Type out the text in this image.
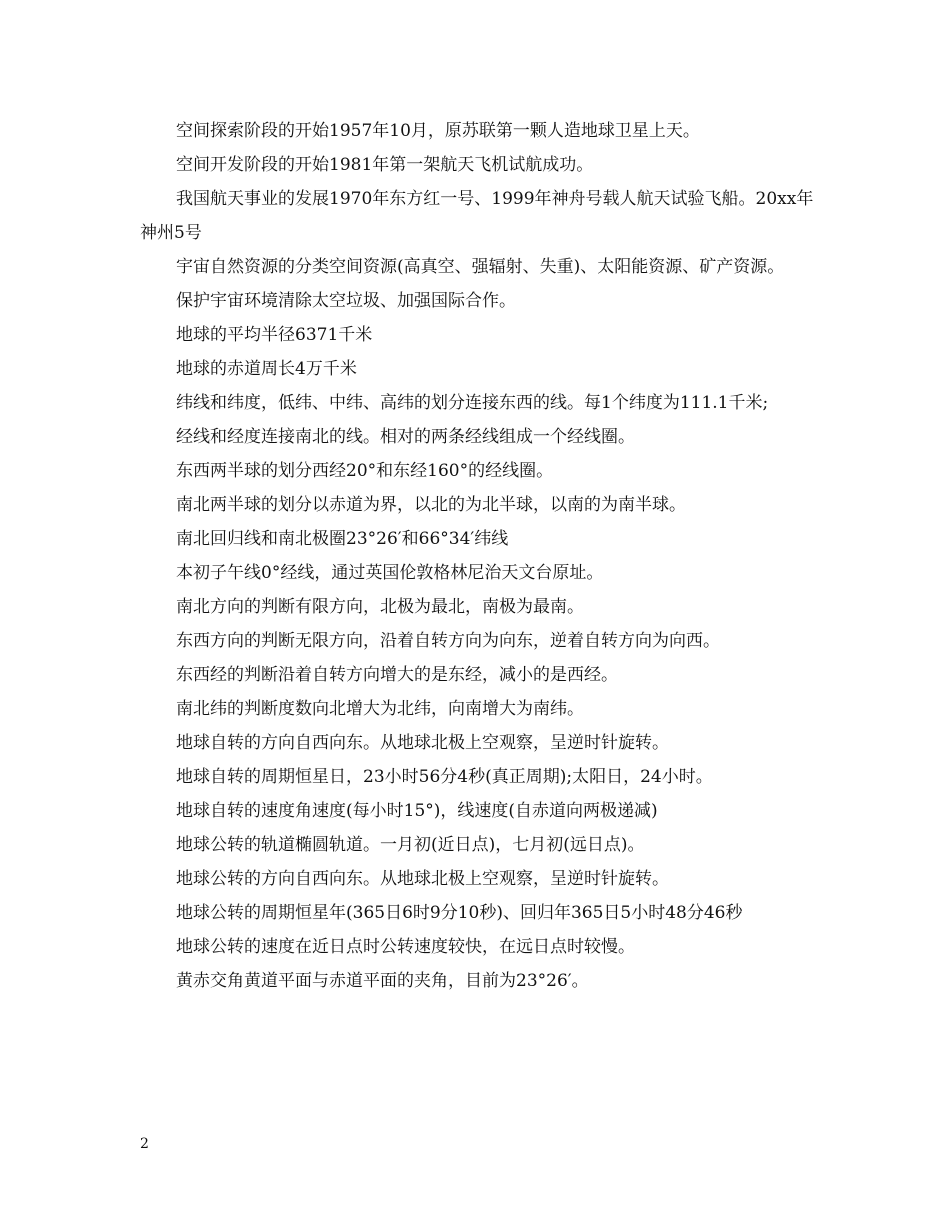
空间探索阶段的开始1957年10月，原苏联第一颗人造地球卫星上天。

空间开发阶段的开始1981年第一架航天飞机试航成功。

我国航天事业的发展1970年东方红一号、1999年神舟号载人航天试验飞船。20xx年神州5号

宇宙自然资源的分类空间资源(高真空、强辐射、失重)、太阳能资源、矿产资源。

保护宇宙环境清除太空垃圾、加强国际合作。

地球的平均半径6371千米

地球的赤道周长4万千米

纬线和纬度，低纬、中纬、高纬的划分连接东西的线。每1个纬度为111.1千米;

经线和经度连接南北的线。相对的两条经线组成一个经线圈。

东西两半球的划分西经20°和东经160°的经线圈。

南北两半球的划分以赤道为界，以北的为北半球，以南的为南半球。

南北回归线和南北极圈23°26′和66°34′纬线

本初子午线0°经线，通过英国伦敦格林尼治天文台原址。

南北方向的判断有限方向，北极为最北，南极为最南。

东西方向的判断无限方向，沿着自转方向为向东，逆着自转方向为向西。

东西经的判断沿着自转方向增大的是东经，减小的是西经。

南北纬的判断度数向北增大为北纬，向南增大为南纬。

地球自转的方向自西向东。从地球北极上空观察，呈逆时针旋转。

地球自转的周期恒星日，23小时56分4秒(真正周期);太阳日，24小时。

地球自转的速度角速度(每小时15°)，线速度(自赤道向两极递减)

地球公转的轨道椭圆轨道。一月初(近日点)，七月初(远日点)。

地球公转的方向自西向东。从地球北极上空观察，呈逆时针旋转。

地球公转的周期恒星年(365日6时9分10秒)、回归年365日5小时48分46秒

地球公转的速度在近日点时公转速度较快，在远日点时较慢。

黄赤交角黄道平面与赤道平面的夹角，目前为23°26′。

2
